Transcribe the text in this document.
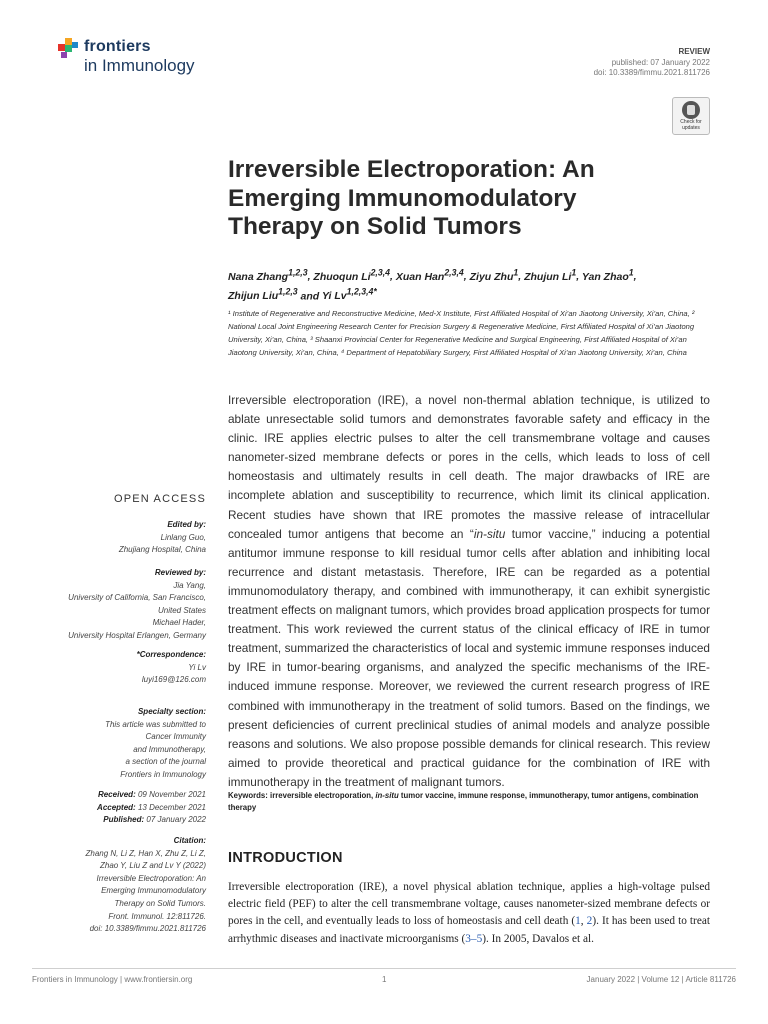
frontiers
in Immunology
REVIEW
published: 07 January 2022
doi: 10.3389/fimmu.2021.811726
Check for
updates
Irreversible Electroporation: An
Emerging Immunomodulatory
Therapy on Solid Tumors
Nana Zhang$^{1,2,3}$, Zhuoqun Li$^{2,3,4}$, Xuan Han$^{2,3,4}$, Ziyu Zhu$^1$, Zhujun Li$^1$, Yan Zhao$^1$,
Zhijun Liu$^{1,2,3}$ and Yi $Lv^{1,2,3,4*}$
¹ Institute of Regenerative and Reconstructive Medicine, Med-X Institute, First Affiliated Hospital of Xi’an Jiaotong University, Xi’an, China, ² National Local Joint Engineering Research Center for Precision Surgery & Regenerative Medicine, First Affiliated Hospital of Xi’an Jiaotong University, Xi’an, China, ³ Shaanxi Provincial Center for Regenerative Medicine and Surgical Engineering, First Affiliated Hospital of Xi’an Jiaotong University, Xi’an, China, ⁴ Department of Hepatobiliary Surgery, First Affiliated Hospital of Xi’an Jiaotong University, Xi’an, China
Irreversible electroporation (IRE), a novel non-thermal ablation technique, is utilized to ablate unresectable solid tumors and demonstrates favorable safety and efficacy in the clinic. IRE applies electric pulses to alter the cell transmembrane voltage and causes nanometer-sized membrane defects or pores in the cells, which leads to loss of cell homeostasis and ultimately results in cell death. The major drawbacks of IRE are incomplete ablation and susceptibility to recurrence, which limit its clinical application. Recent studies have shown that IRE promotes the massive release of intracellular concealed tumor antigens that become an “in-situ tumor vaccine,” inducing a potential antitumor immune response to kill residual tumor cells after ablation and inhibiting local recurrence and distant metastasis. Therefore, IRE can be regarded as a potential immunomodulatory therapy, and combined with immunotherapy, it can exhibit synergistic treatment effects on malignant tumors, which provides broad application prospects for tumor treatment. This work reviewed the current status of the clinical efficacy of IRE in tumor treatment, summarized the characteristics of local and systemic immune responses induced by IRE in tumor-bearing organisms, and analyzed the specific mechanisms of the IRE-induced immune response. Moreover, we reviewed the current research progress of IRE combined with immunotherapy in the treatment of solid tumors. Based on the findings, we present deficiencies of current preclinical studies of animal models and analyze possible reasons and solutions. We also propose possible demands for clinical research. This review aimed to provide theoretical and practical guidance for the combination of IRE with immunotherapy in the treatment of malignant tumors.
Keywords: irreversible electroporation, in-situ tumor vaccine, immune response, immunotherapy, tumor antigens, combination therapy
INTRODUCTION
Irreversible electroporation (IRE), a novel physical ablation technique, applies a high-voltage pulsed electric field (PEF) to alter the cell transmembrane voltage, causes nanometer-sized membrane defects or pores in the cell, and eventually leads to loss of homeostasis and cell death (1, 2). It has been used to treat arrhythmic diseases and inactivate microorganisms (3–5). In 2005, Davalos et al.
OPEN ACCESS
Edited by:
Linlang Guo,
Zhujiang Hospital, China
Reviewed by:
Jia Yang,
University of California, San Francisco,
United States
Michael Hader,
University Hospital Erlangen, Germany
*Correspondence:
Yi Lv
luyi169@126.com
Specialty section:
This article was submitted to
Cancer Immunity
and Immunotherapy,
a section of the journal
Frontiers in Immunology
Received: 09 November 2021
Accepted: 13 December 2021
Published: 07 January 2022
Citation:
Zhang N, Li Z, Han X, Zhu Z, Li Z,
Zhao Y, Liu Z and Lv Y (2022)
Irreversible Electroporation: An
Emerging Immunomodulatory
Therapy on Solid Tumors.
Front. Immunol. 12:811726.
doi: 10.3389/fimmu.2021.811726
Frontiers in Immunology | www.frontiersin.org	1	January 2022 | Volume 12 | Article 811726
